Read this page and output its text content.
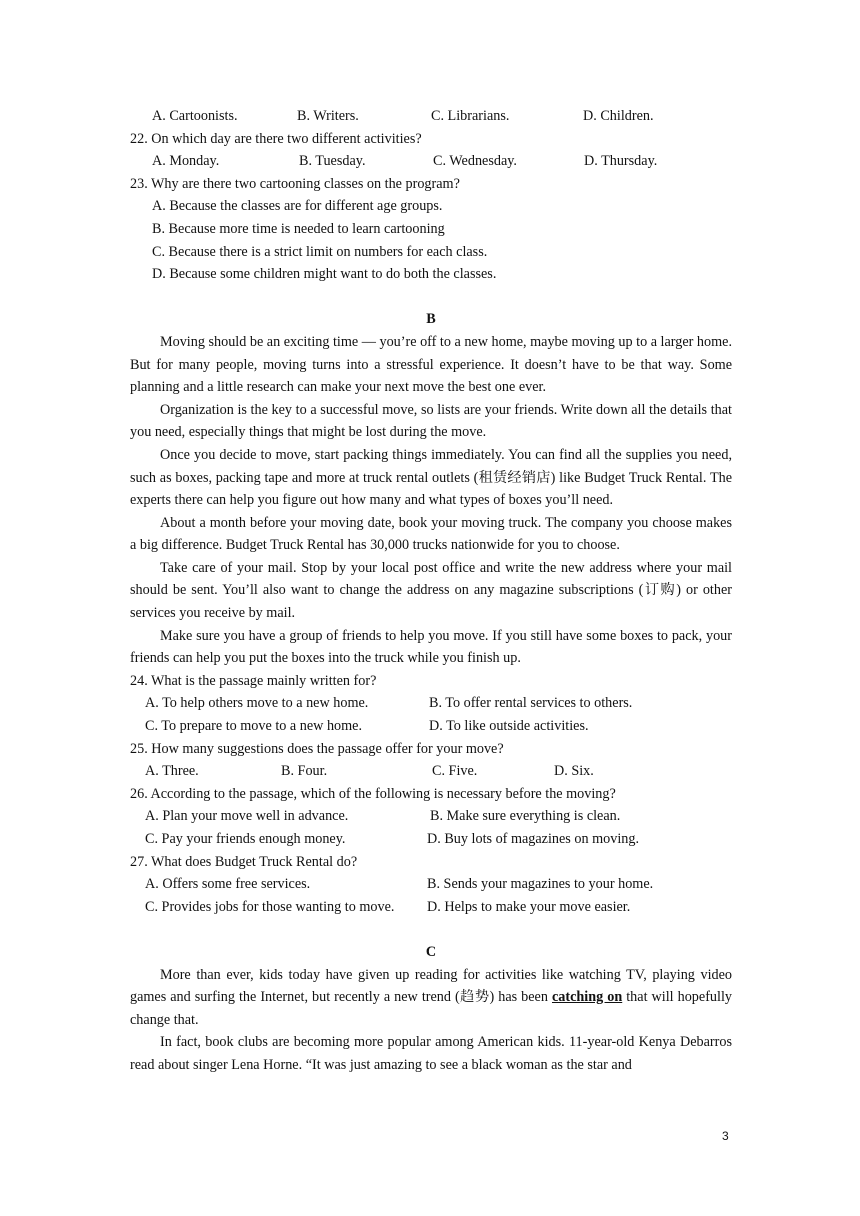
A. Cartoonists.	B. Writers.	C. Librarians.	D. Children.
22. On which day are there two different activities?
A. Monday.	B. Tuesday.	C. Wednesday.	D. Thursday.
23. Why are there two cartooning classes on the program?
A. Because the classes are for different age groups.
B. Because more time is needed to learn cartooning
C. Because there is a strict limit on numbers for each class.
D. Because some children might want to do both the classes.
B

Moving should be an exciting time — you’re off to a new home, maybe moving up to a larger home. But for many people, moving turns into a stressful experience. It doesn’t have to be that way. Some planning and a little research can make your next move the best one ever.

Organization is the key to a successful move, so lists are your friends. Write down all the details that you need, especially things that might be lost during the move.

Once you decide to move, start packing things immediately. You can find all the supplies you need, such as boxes, packing tape and more at truck rental outlets (租赁经销店) like Budget Truck Rental. The experts there can help you figure out how many and what types of boxes you’ll need.

About a month before your moving date, book your moving truck. The company you choose makes a big difference. Budget Truck Rental has 30,000 trucks nationwide for you to choose.

Take care of your mail. Stop by your local post office and write the new address where your mail should be sent. You’ll also want to change the address on any magazine subscriptions (订购) or other services you receive by mail.

Make sure you have a group of friends to help you move. If you still have some boxes to pack, your friends can help you put the boxes into the truck while you finish up.

24. What is the passage mainly written for?
A. To help others move to a new home.	B. To offer rental services to others.
C. To prepare to move to a new home.	D. To like outside activities.
25. How many suggestions does the passage offer for your move?
A. Three.	B. Four.	C. Five.	D. Six.
26. According to the passage, which of the following is necessary before the moving?
A. Plan your move well in advance.	B. Make sure everything is clean.
C. Pay your friends enough money.	D. Buy lots of magazines on moving.
27. What does Budget Truck Rental do?
A. Offers some free services.	B. Sends your magazines to your home.
C. Provides jobs for those wanting to move. D. Helps to make your move easier.
C

More than ever, kids today have given up reading for activities like watching TV, playing video games and surfing the Internet, but recently a new trend (趋势) has been catching on that will hopefully change that.

In fact, book clubs are becoming more popular among American kids. 11-year-old Kenya Debarros read about singer Lena Horne. “It was just amazing to see a black woman as the star and

3
